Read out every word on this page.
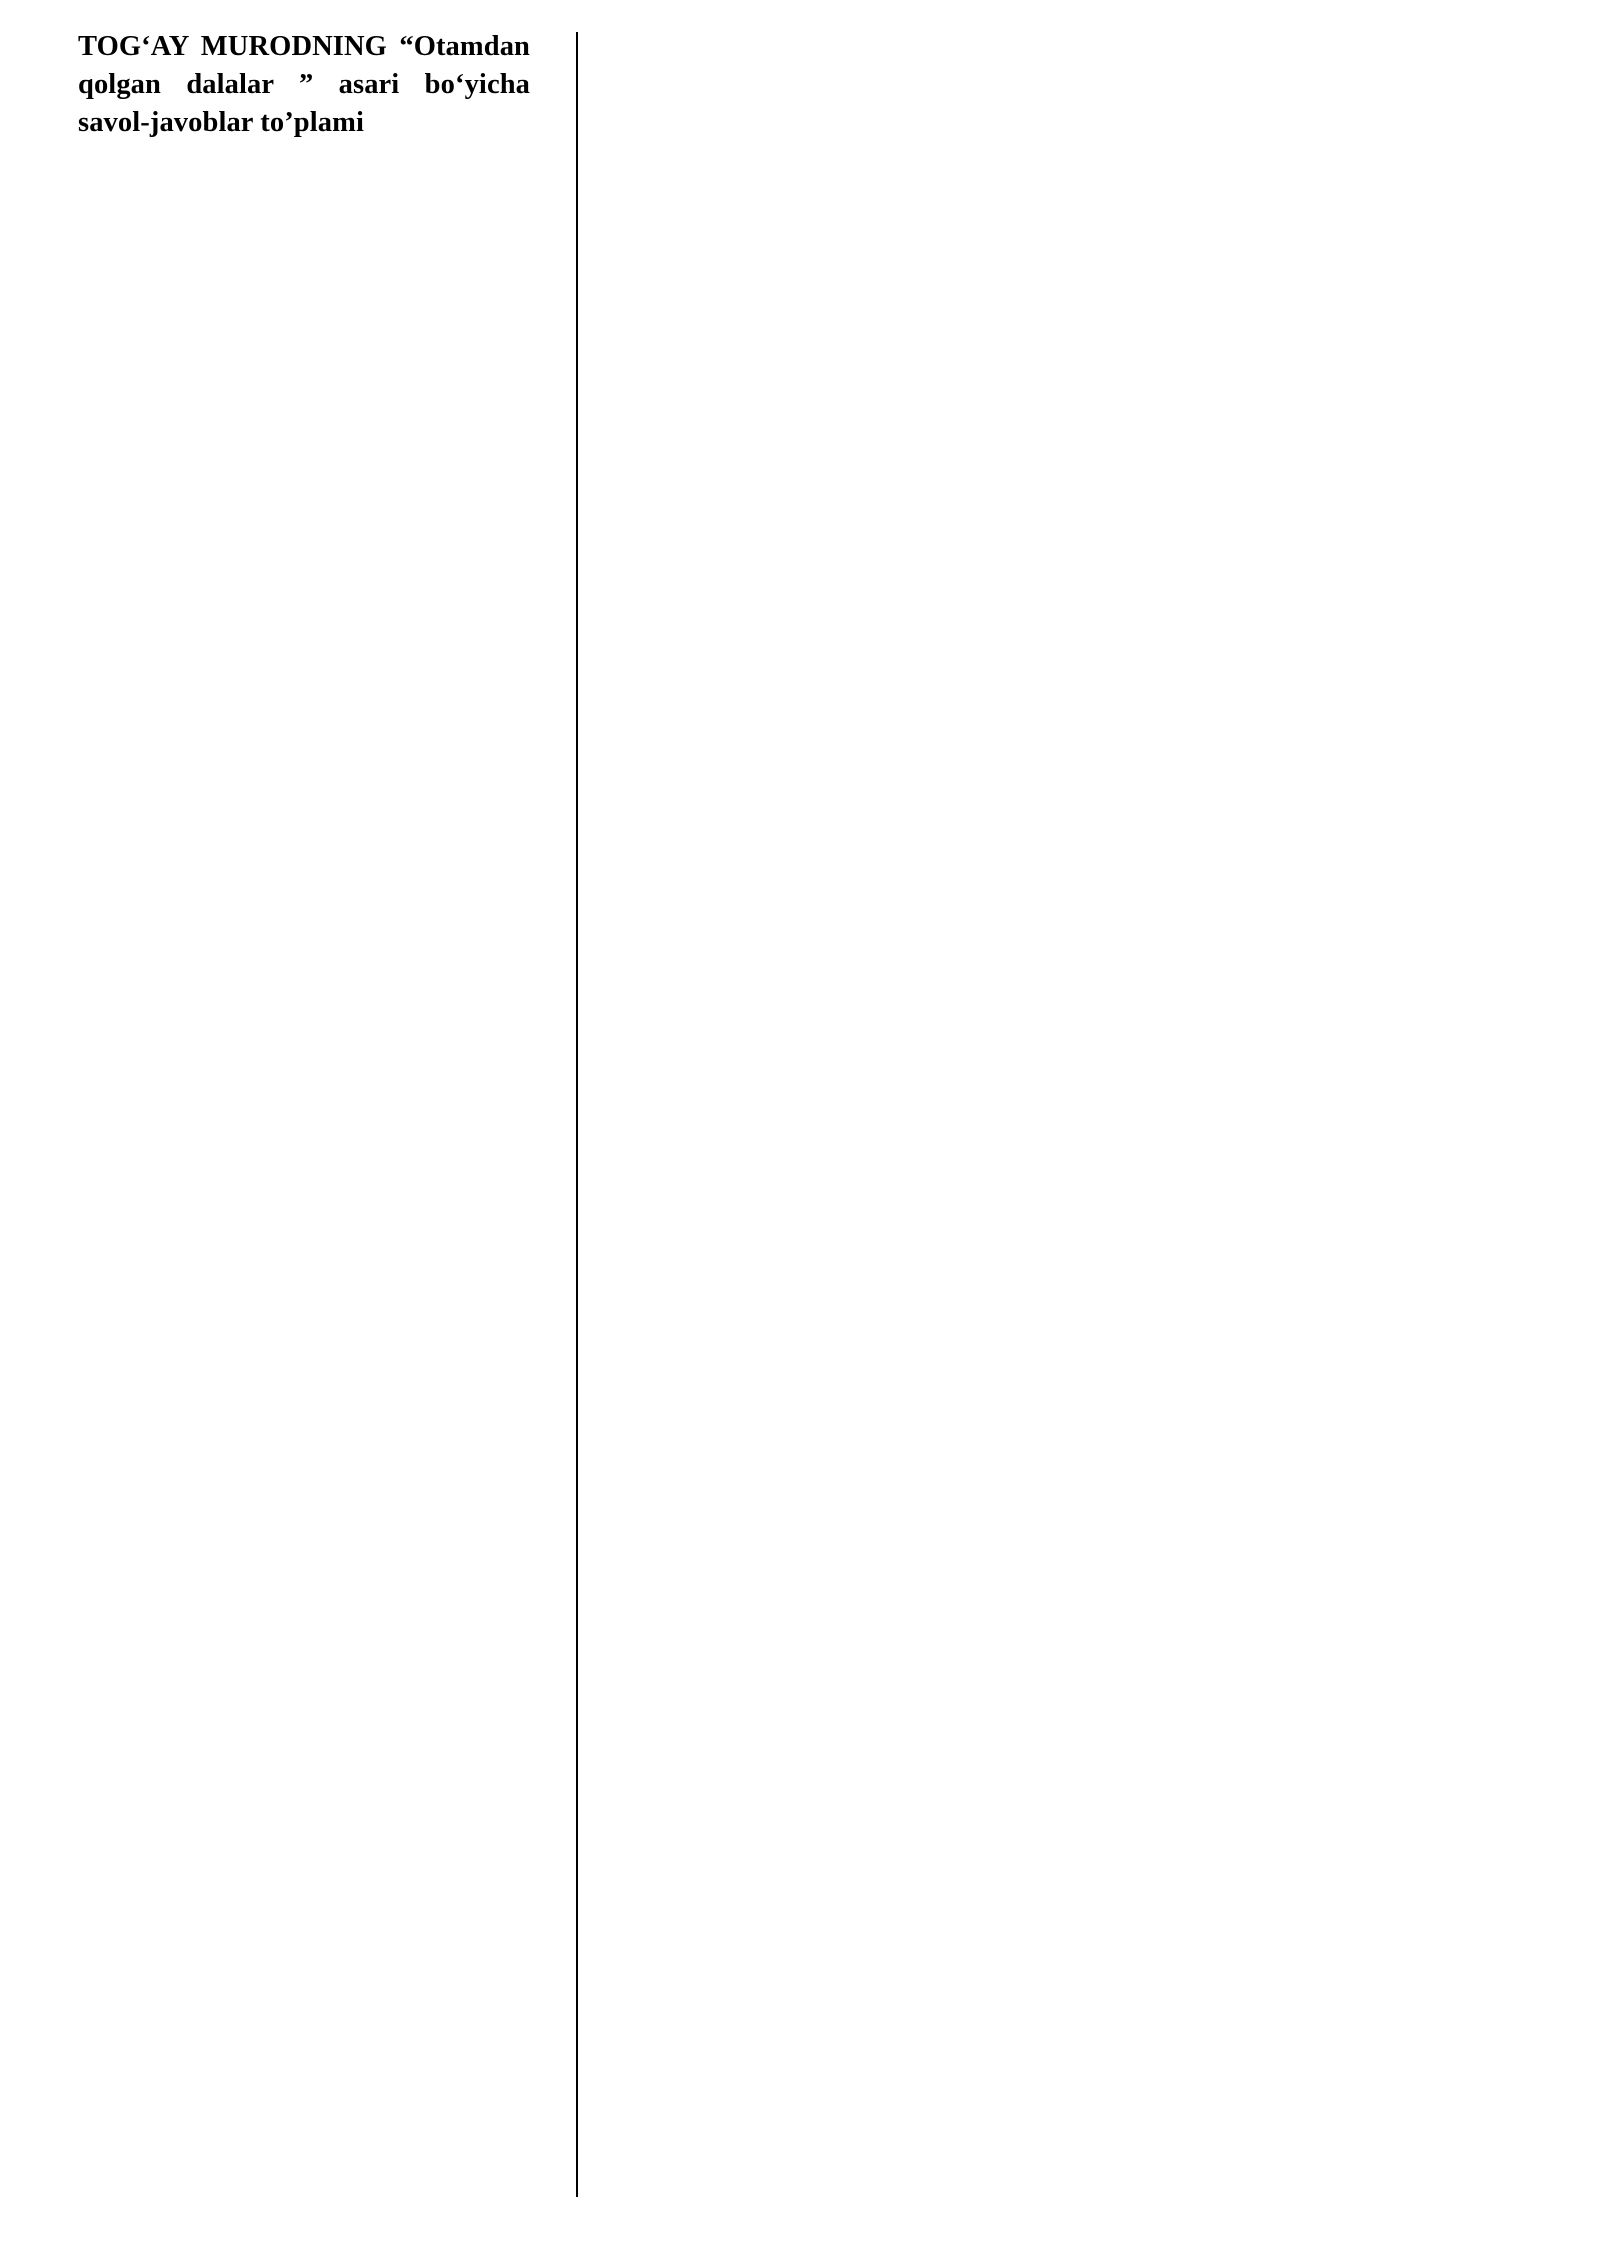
TOG‘AY MURODNING “Otamdan qolgan dalalar ” asari bo‘yicha savol-javoblar to’plami
